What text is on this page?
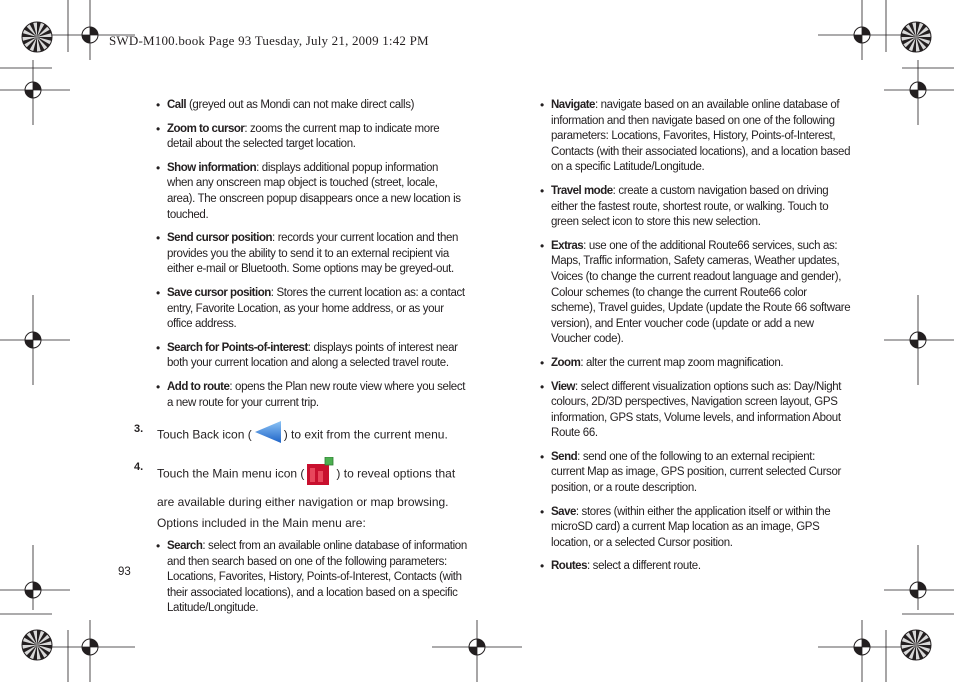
SWD-M100.book Page 93 Tuesday, July 21, 2009 1:42 PM

• Call (greyed out as Mondi can not make direct calls)

• Zoom to cursor: zooms the current map to indicate more detail about the selected target location.

• Show information: displays additional popup information when any onscreen map object is touched (street, locale, area). The onscreen popup disappears once a new location is touched.

• Send cursor position: records your current location and then provides you the ability to send it to an external recipient via either e-mail or Bluetooth. Some options may be greyed-out.

• Save cursor position: Stores the current location as: a contact entry, Favorite Location, as your home address, or as your office address.

• Search for Points-of-interest: displays points of interest near both your current location and along a selected travel route.

• Add to route: opens the Plan new route view where you select a new route for your current trip.

3. Touch Back icon (	) to exit from the current menu.
4. Touch the Main menu icon (	) to reveal options that are available during either navigation or map browsing. Options included in the Main menu are:

• Search: select from an available online database of information and then search based on one of the following parameters: Locations, Favorites, History, Points-of-Interest, Contacts (with their associated locations), and a location based on a specific Latitude/Longitude.

• Navigate: navigate based on an available online database of information and then navigate based on one of the following parameters: Locations, Favorites, History, Points-of-Interest, Contacts (with their associated locations), and a location based on a specific Latitude/Longitude.

• Travel mode: create a custom navigation based on driving either the fastest route, shortest route, or walking. Touch to green select icon to store this new selection.

• Extras: use one of the additional Route66 services, such as: Maps, Traffic information, Safety cameras, Weather updates, Voices (to change the current readout language and gender), Colour schemes (to change the current Route66 color scheme), Travel guides, Update (update the Route 66 software version), and Enter voucher code (update or add a new Voucher code).

• Zoom: alter the current map zoom magnification.

• View: select different visualization options such as: Day/Night colours, 2D/3D perspectives, Navigation screen layout, GPS information, GPS stats, Volume levels, and information About Route 66.

• Send: send one of the following to an external recipient: current Map as image, GPS position, current selected Cursor position, or a route description.

• Save: stores (within either the application itself or within the microSD card) a current Map location as an image, GPS location, or a selected Cursor position.

• Routes: select a different route.

93
